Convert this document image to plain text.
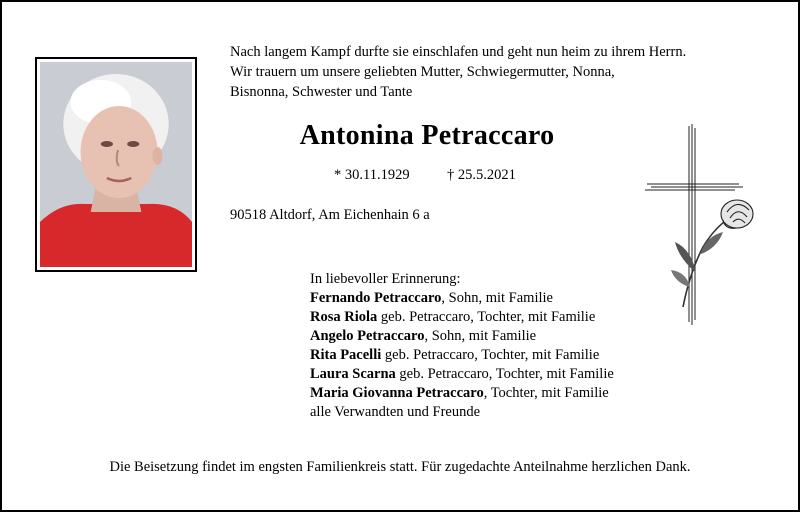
Nach langem Kampf durfte sie einschlafen und geht nun heim zu ihrem Herrn.
Wir trauern um unsere geliebten Mutter, Schwiegermutter, Nonna,
Bisnonna, Schwester und Tante
Antonina Petraccaro
* 30.11.1929	† 25.5.2021
90518 Altdorf, Am Eichenhain 6 a
In liebevoller Erinnerung:
Fernando Petraccaro, Sohn, mit Familie
Rosa Riola geb. Petraccaro, Tochter, mit Familie
Angelo Petraccaro, Sohn, mit Familie
Rita Pacelli geb. Petraccaro, Tochter, mit Familie
Laura Scarna geb. Petraccaro, Tochter, mit Familie
Maria Giovanna Petraccaro, Tochter, mit Familie
alle Verwandten und Freunde
Die Beisetzung findet im engsten Familienkreis statt. Für zugedachte Anteilnahme herzlichen Dank.
